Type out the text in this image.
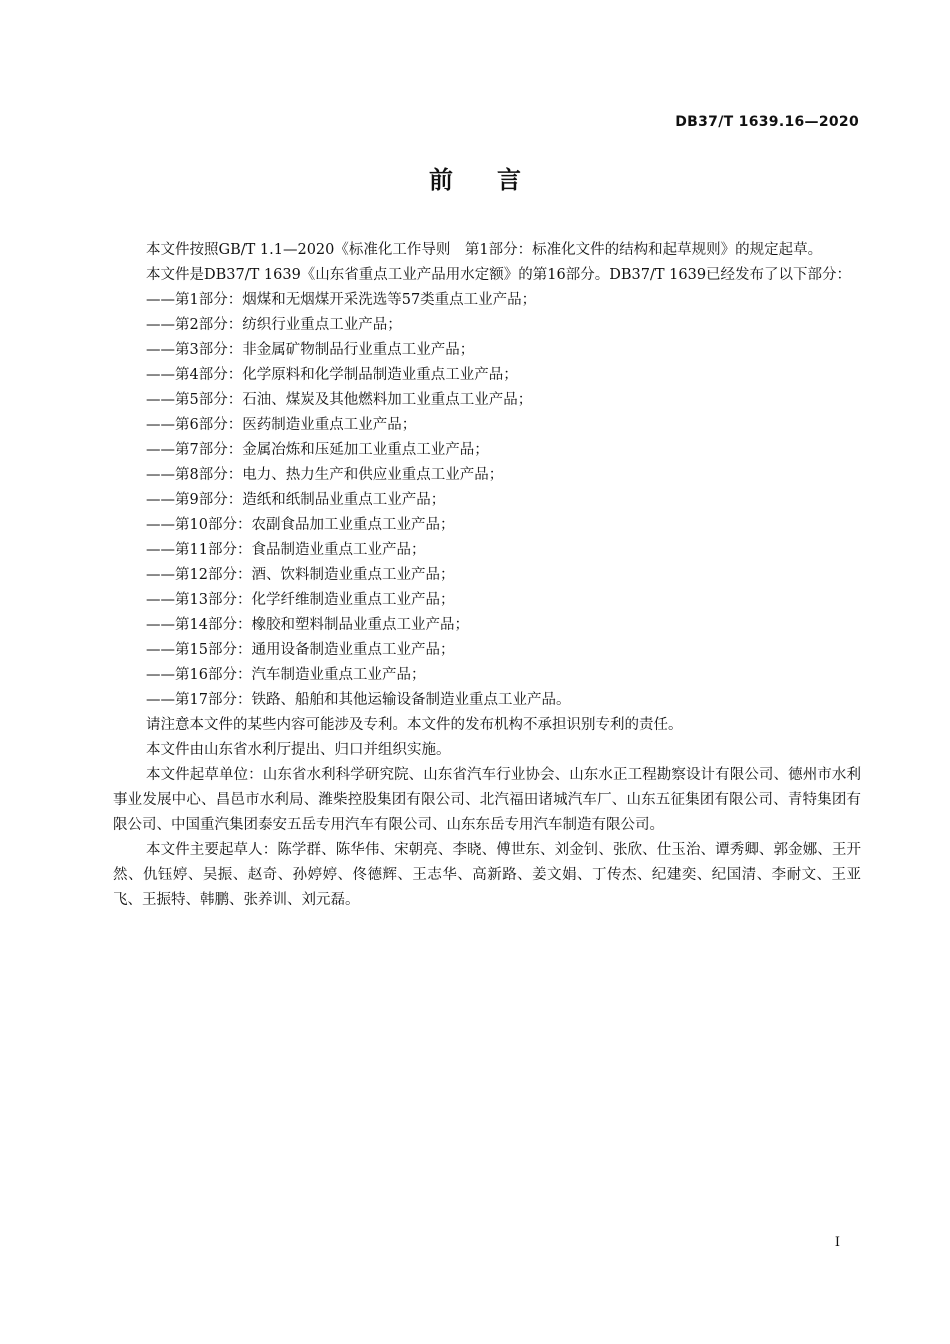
DB37/T 1639.16—2020
前言

本文件按照GB/T 1.1—2020《标准化工作导则　第1部分：标准化文件的结构和起草规则》的规定起草。

本文件是DB37/T 1639《山东省重点工业产品用水定额》的第16部分。DB37/T 1639已经发布了以下部分：

——第1部分：烟煤和无烟煤开采洗选等57类重点工业产品；

——第2部分：纺织行业重点工业产品；

——第3部分：非金属矿物制品行业重点工业产品；

——第4部分：化学原料和化学制品制造业重点工业产品；

——第5部分：石油、煤炭及其他燃料加工业重点工业产品；

——第6部分：医药制造业重点工业产品；

——第7部分：金属冶炼和压延加工业重点工业产品；

——第8部分：电力、热力生产和供应业重点工业产品；

——第9部分：造纸和纸制品业重点工业产品；

——第10部分：农副食品加工业重点工业产品；

——第11部分：食品制造业重点工业产品；

——第12部分：酒、饮料制造业重点工业产品；

——第13部分：化学纤维制造业重点工业产品；

——第14部分：橡胶和塑料制品业重点工业产品；

——第15部分：通用设备制造业重点工业产品；

——第16部分：汽车制造业重点工业产品；

——第17部分：铁路、船舶和其他运输设备制造业重点工业产品。

请注意本文件的某些内容可能涉及专利。本文件的发布机构不承担识别专利的责任。

本文件由山东省水利厅提出、归口并组织实施。

本文件起草单位：山东省水利科学研究院、山东省汽车行业协会、山东水正工程勘察设计有限公司、德州市水利事业发展中心、昌邑市水利局、潍柴控股集团有限公司、北汽福田诸城汽车厂、山东五征集团有限公司、青特集团有限公司、中国重汽集团泰安五岳专用汽车有限公司、山东东岳专用汽车制造有限公司。

本文件主要起草人：陈学群、陈华伟、宋朝亮、李晓、傅世东、刘金钊、张欣、仕玉治、谭秀卿、郭金娜、王开然、仇钰婷、吴振、赵奇、孙婷婷、佟德辉、王志华、高新路、姜文娟、丁传杰、纪建奕、纪国清、李耐文、王亚飞、王振特、韩鹏、张养训、刘元磊。

I
